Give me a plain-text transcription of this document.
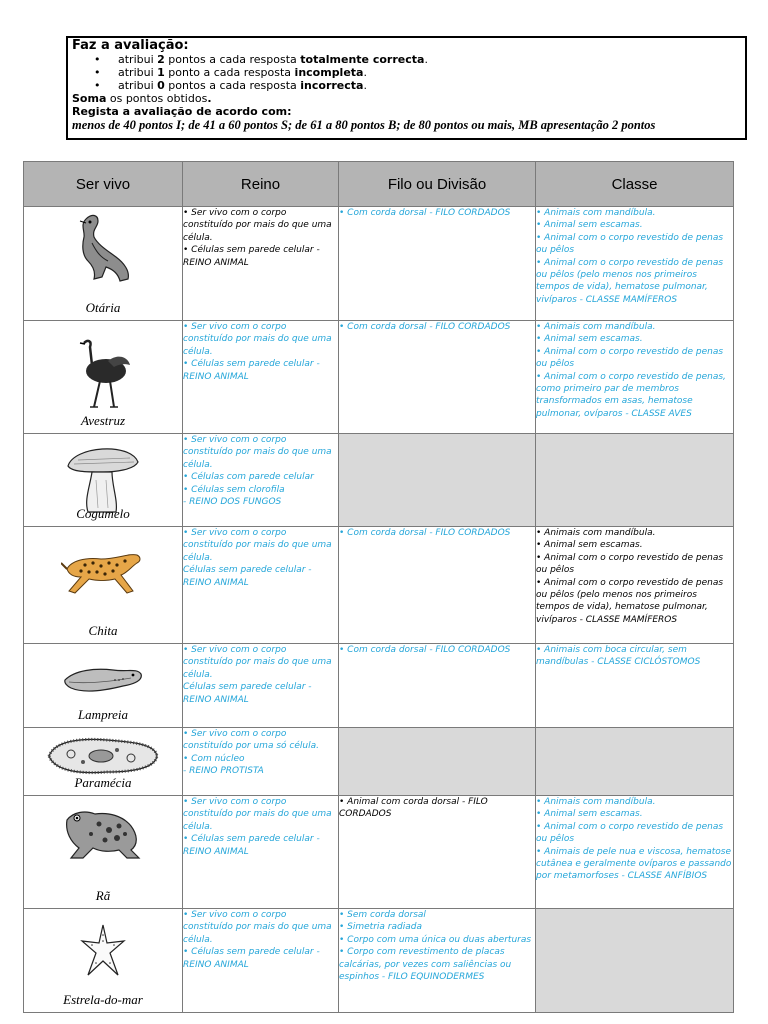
Faz a avaliação:
• atribui 2 pontos a cada resposta totalmente correcta.
• atribui 1 ponto a cada resposta incompleta.
• atribui 0 pontos a cada resposta incorrecta.
Soma os pontos obtidos.
Regista a avaliação de acordo com:
menos de 40 pontos I; de 41 a 60 pontos S; de 61 a 80 pontos B; de 80 pontos ou mais, MB apresentação 2 pontos
Ser vivo	Reino	Filo ou Divisão	Classe

Otária	• Ser vivo com o corpo constituído por mais do que uma célula.
• Células sem parede celular - REINO ANIMAL	• Com corda dorsal - FILO CORDADOS	• Animais com mandíbula.
• Animal sem escamas.
• Animal com o corpo revestido de penas ou pêlos
• Animal com o corpo revestido de penas ou pêlos (pelo menos nos primeiros tempos de vida), hematose pulmonar, vivíparos - CLASSE MAMÍFEROS

Avestruz	• Ser vivo com o corpo constituído por mais do que uma célula.
• Células sem parede celular - REINO ANIMAL	• Com corda dorsal - FILO CORDADOS	• Animais com mandíbula.
• Animal sem escamas.
• Animal com o corpo revestido de penas ou pêlos
• Animal com o corpo revestido de penas, como primeiro par de membros transformados em asas, hematose pulmonar, ovíparos - CLASSE AVES

Cogumelo	• Ser vivo com o corpo constituído por mais do que uma célula.
• Células com parede celular
• Células sem clorofila
- REINO DOS FUNGOS		

Chita	• Ser vivo com o corpo constituído por mais do que uma célula.
Células sem parede celular - REINO ANIMAL	• Com corda dorsal - FILO CORDADOS	• Animais com mandíbula.
• Animal sem escamas.
• Animal com o corpo revestido de penas ou pêlos
• Animal com o corpo revestido de penas ou pêlos (pelo menos nos primeiros tempos de vida), hematose pulmonar, vivíparos - CLASSE MAMÍFEROS

Lampreia	• Ser vivo com o corpo constituído por mais do que uma célula.
Células sem parede celular - REINO ANIMAL	• Com corda dorsal - FILO CORDADOS	• Animais com boca circular, sem mandíbulas - CLASSE CICLÓSTOMOS

Paramécia	• Ser vivo com o corpo constituído por uma só célula.
• Com núcleo
- REINO PROTISTA		

Rã	• Ser vivo com o corpo constituído por mais do que uma célula.
• Células sem parede celular - REINO ANIMAL	• Animal com corda dorsal - FILO CORDADOS	• Animais com mandíbula.
• Animal sem escamas.
• Animal com o corpo revestido de penas ou pêlos
• Animais de pele nua e viscosa, hematose cutânea e geralmente ovíparos e passando por metamorfoses - CLASSE ANFÍBIOS

Estrela-do-mar	• Ser vivo com o corpo constituído por mais do que uma célula.
• Células sem parede celular - REINO ANIMAL	• Sem corda dorsal
• Simetria radiada
• Corpo com uma única ou duas aberturas
• Corpo com revestimento de placas calcárias, por vezes com saliências ou espinhos - FILO EQUINODERMES	
